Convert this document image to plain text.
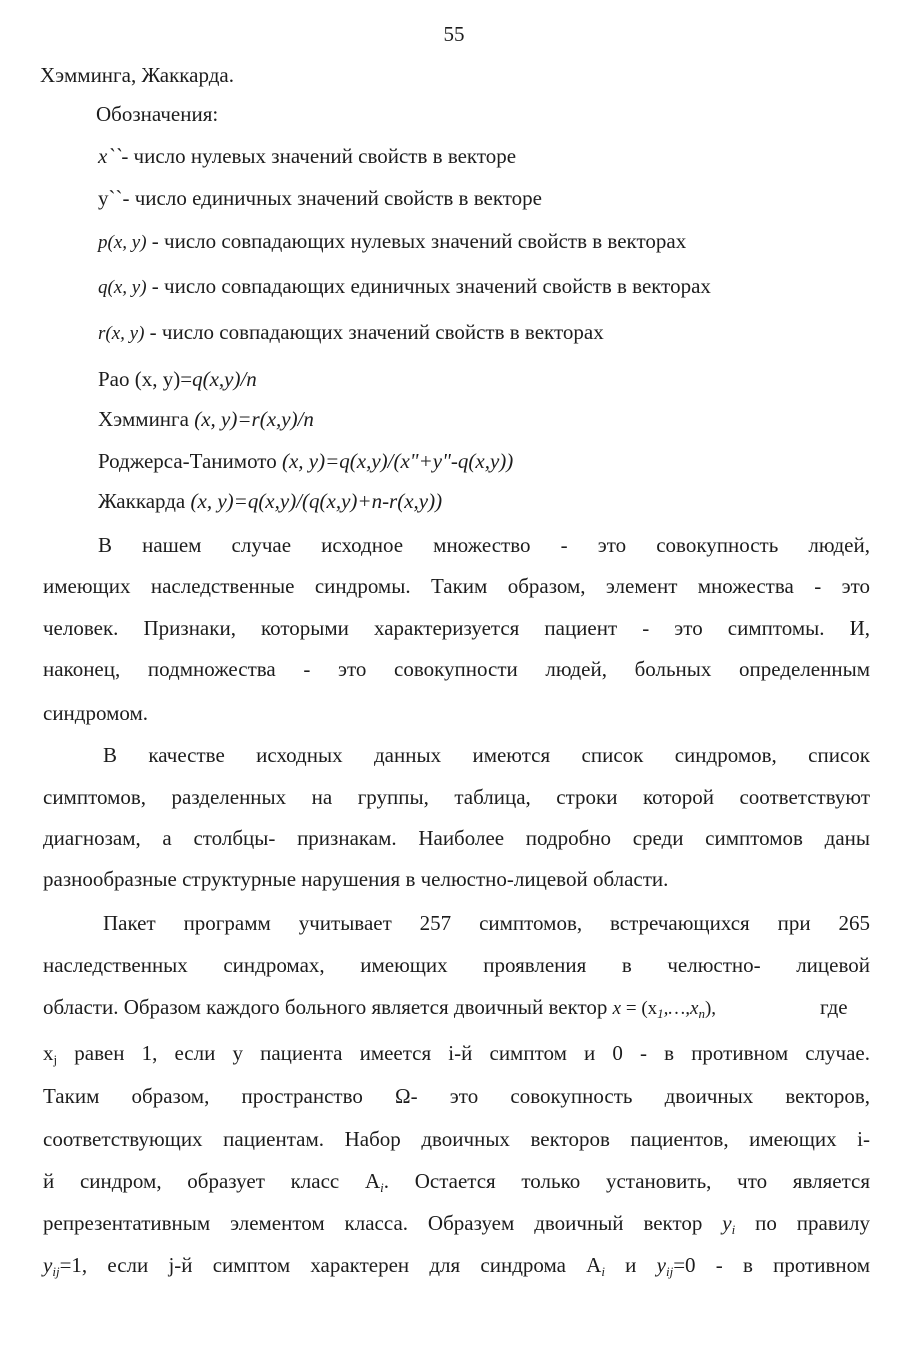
55
Хэмминга, Жаккарда.
Обозначения:
x``- число нулевых значений свойств в векторе
y``- число единичных значений свойств в векторе
p(x, y) - число совпадающих нулевых значений свойств в векторах
q(x, y) - число совпадающих единичных значений свойств в векторах
r(x, y) - число совпадающих значений свойств в векторах
Рао (х, у)=q(x,y)/n
Хэмминга (x, y)=r(x,y)/n
Роджерса-Танимото (x, y)=q(x,y)/(x"+y"-q(x,y))
Жаккарда (x, y)=q(x,y)/(q(x,y)+n-r(x,y))
В нашем случае исходное множество - это совокупность людей,
имеющих наследственные синдромы. Таким образом, элемент множества - это
человек. Признаки, которыми характеризуется пациент - это симптомы. И,
наконец, подмножества - это совокупности людей, больных определенным
синдромом.
В качестве исходных данных имеются список синдромов, список
симптомов, разделенных на группы, таблица, строки которой соответствуют
диагнозам, а столбцы- признакам. Наиболее подробно среди симптомов даны
разнообразные структурные нарушения в челюстно-лицевой области.
Пакет программ учитывает 257 симптомов, встречающихся при 265
наследственных синдромах, имеющих проявления в челюстно- лицевой
области. Образом каждого больного является двоичный вектор $x = (x_1,\dots,x_n)$,	где
$x_j$ равен 1, если у пациента имеется i-й симптом и 0 - в противном случае.
Таким образом, пространство Ω- это совокупность двоичных векторов,
соответствующих пациентам. Набор двоичных векторов пациентов, имеющих i-
й синдром, образует класс $А_i$. Остается только установить, что является
репрезентативным элементом класса. Образуем двоичный вектор $y_i$ по правилу
$y_{ij}=1$, если j-й симптом характерен для синдрома $А_i$ и $y_{ij}=0 - в$ противном
